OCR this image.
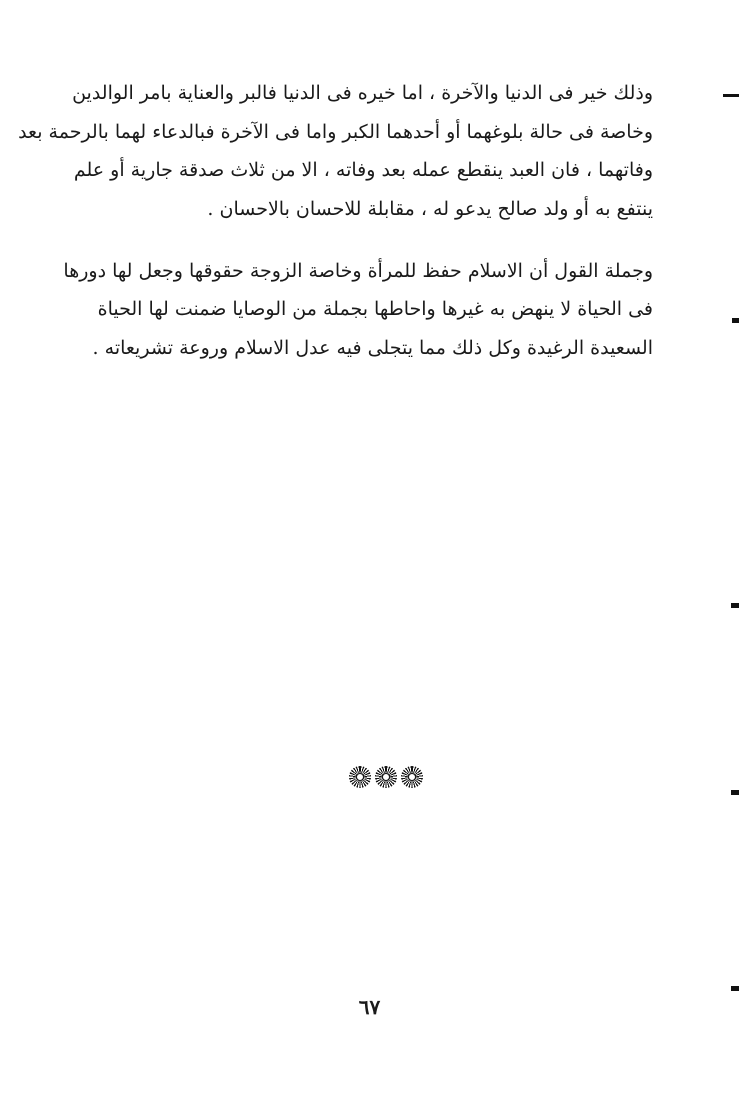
وذلك خير فى الدنيا والآخرة ، اما خيره فى الدنيا فالبر والعناية بامر الوالدين
وخاصة فى حالة بلوغهما أو أحدهما الكبر واما فى الآخرة فبالدعاء لهما بالرحمة بعد
وفاتهما ، فان العبد ينقطع عمله بعد وفاته ، الا من ثلاث صدقة جارية أو علم
ينتفع به أو ولد صالح يدعو له ، مقابلة للاحسان بالاحسان .
وجملة القول أن الاسلام حفظ للمرأة وخاصة الزوجة حقوقها وجعل لها دورها
فى الحياة لا ينهض به غيرها واحاطها بجملة من الوصايا ضمنت لها الحياة
السعيدة الرغيدة وكل ذلك مما يتجلى فيه عدل الاسلام وروعة تشريعاته .
٦٧
